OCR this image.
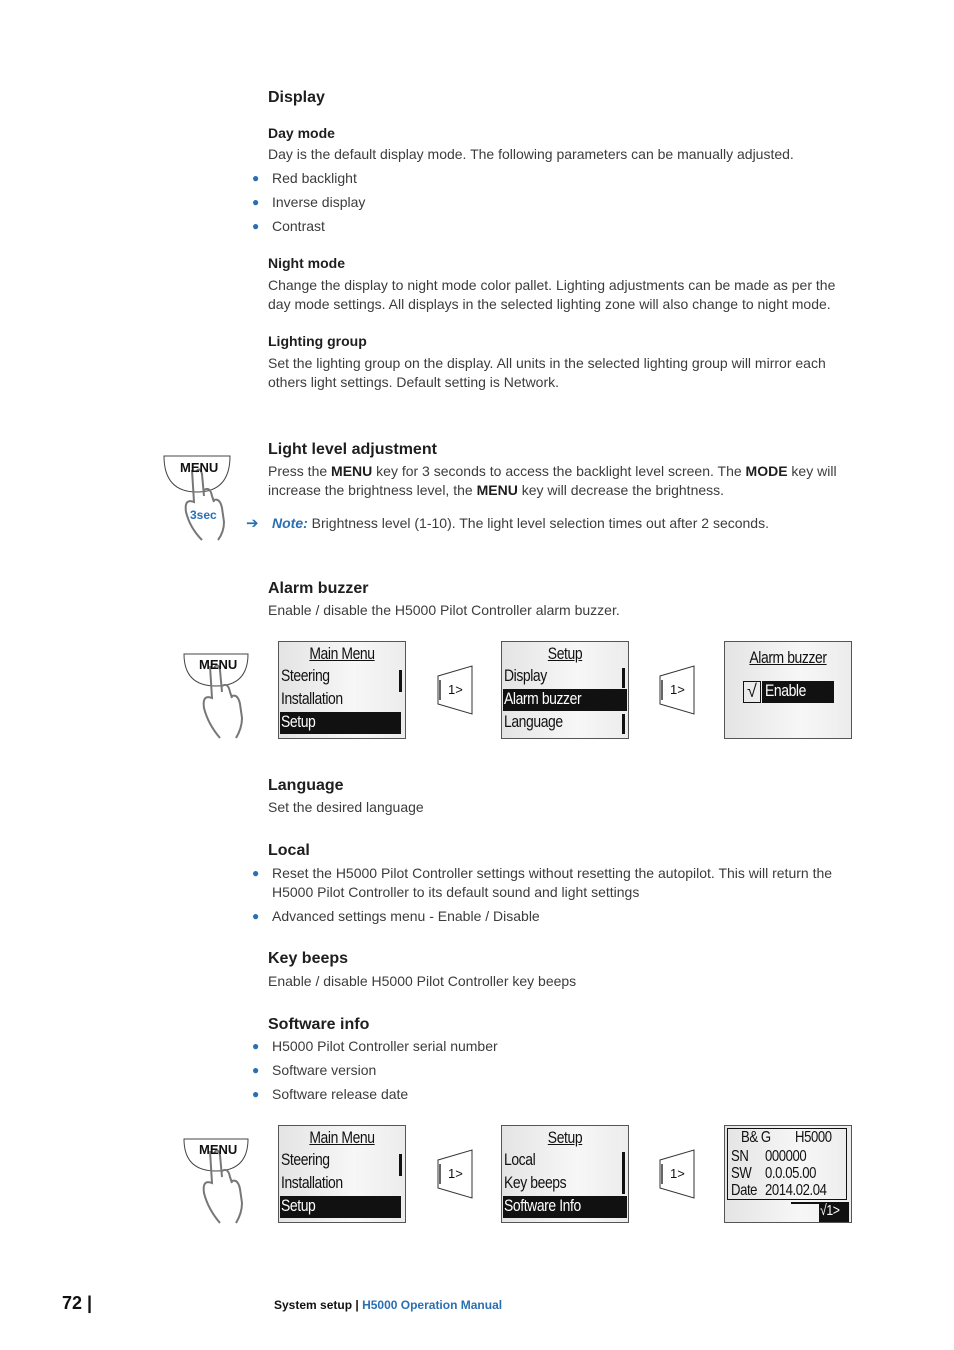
Display
Day mode
Day is the default display mode. The following parameters can be manually adjusted.
● Red backlight
● Inverse display
● Contrast
Night mode
Change the display to night mode color pallet. Lighting adjustments can be made as per the
day mode settings. All displays in the selected lighting zone will also change to night mode.
Lighting group
Set the lighting group on the display. All units in the selected lighting group will mirror each
others light settings. Default setting is Network.
MENU
3sec
Light level adjustment
Press the MENU key for 3 seconds to access the backlight level screen. The MODE key will
increase the brightness level, the MENU key will decrease the brightness.
➔ Note: Brightness level (1-10). The light level selection times out after 2 seconds.
Alarm buzzer
Enable / disable the H5000 Pilot Controller alarm buzzer.
MENU
Main Menu
Steering
Installation
Setup
1>
Setup
Display
Alarm buzzer
Language
1>
Alarm buzzer
√ Enable
Language
Set the desired language
Local
● Reset the H5000 Pilot Controller settings without resetting the autopilot. This will return the
H5000 Pilot Controller to its default sound and light settings
● Advanced settings menu - Enable / Disable
Key beeps
Enable / disable H5000 Pilot Controller key beeps
Software info
● H5000 Pilot Controller serial number
● Software version
● Software release date
MENU
Main Menu
Steering
Installation
Setup
1>
Setup
Local
Key beeps
Software Info
1>
B& G H5000
SN 000000
SW 0.0.05.00
Date 2014.02.04
√1>
72 |	System setup | H5000 Operation Manual
